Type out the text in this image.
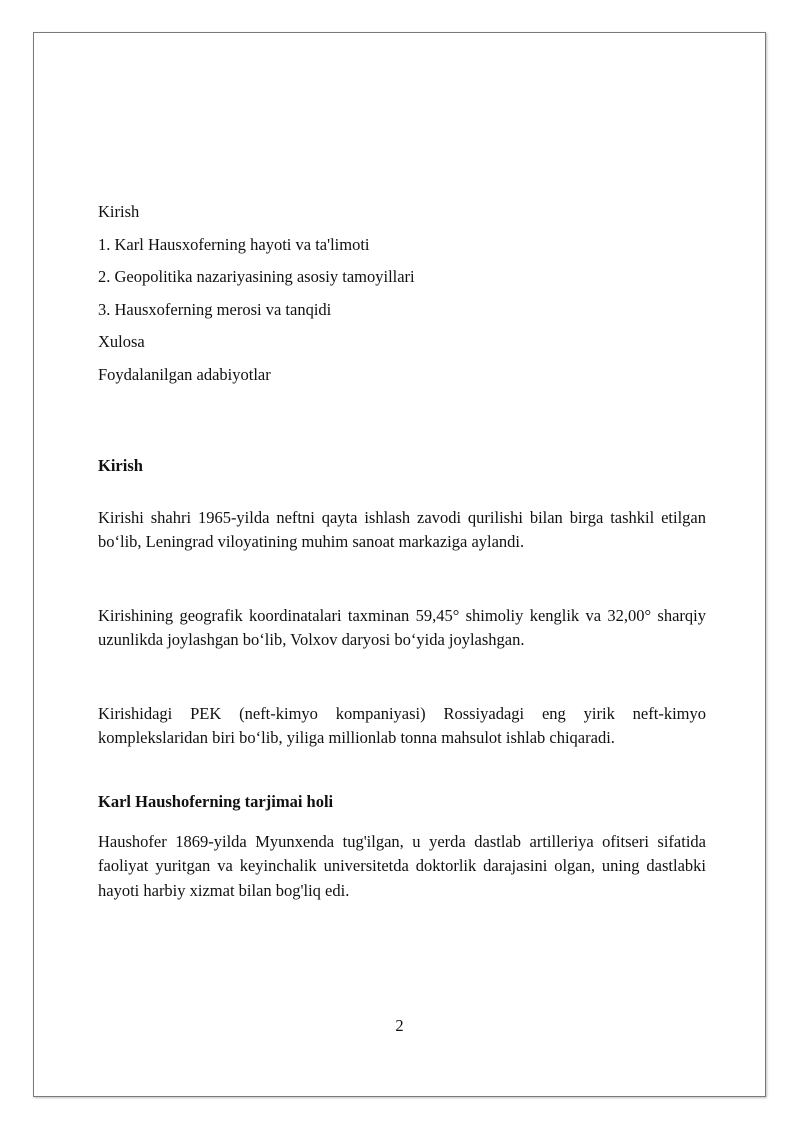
Kirish
1. Karl Hausxoferning hayoti va ta'limoti
2. Geopolitika nazariyasining asosiy tamoyillari
3. Hausxoferning merosi va tanqidi
Xulosa
Foydalanilgan adabiyotlar
Kirish

Kirishi shahri 1965-yilda neftni qayta ishlash zavodi qurilishi bilan birga tashkil etilgan bo‘lib, Leningrad viloyatining muhim sanoat markaziga aylandi.

Kirishining geografik koordinatalari taxminan 59,45° shimoliy kenglik va 32,00° sharqiy uzunlikda joylashgan bo‘lib, Volxov daryosi bo‘yida joylashgan.

Kirishidagi PEK (neft-kimyo kompaniyasi) Rossiyadagi eng yirik neft-kimyo komplekslaridan biri bo‘lib, yiliga millionlab tonna mahsulot ishlab chiqaradi.

Karl Haushoferning tarjimai holi

Haushofer 1869-yilda Myunxenda tug'ilgan, u yerda dastlab artilleriya ofitseri sifatida faoliyat yuritgan va keyinchalik universitetda doktorlik darajasini olgan, uning dastlabki hayoti harbiy xizmat bilan bog'liq edi.

2
